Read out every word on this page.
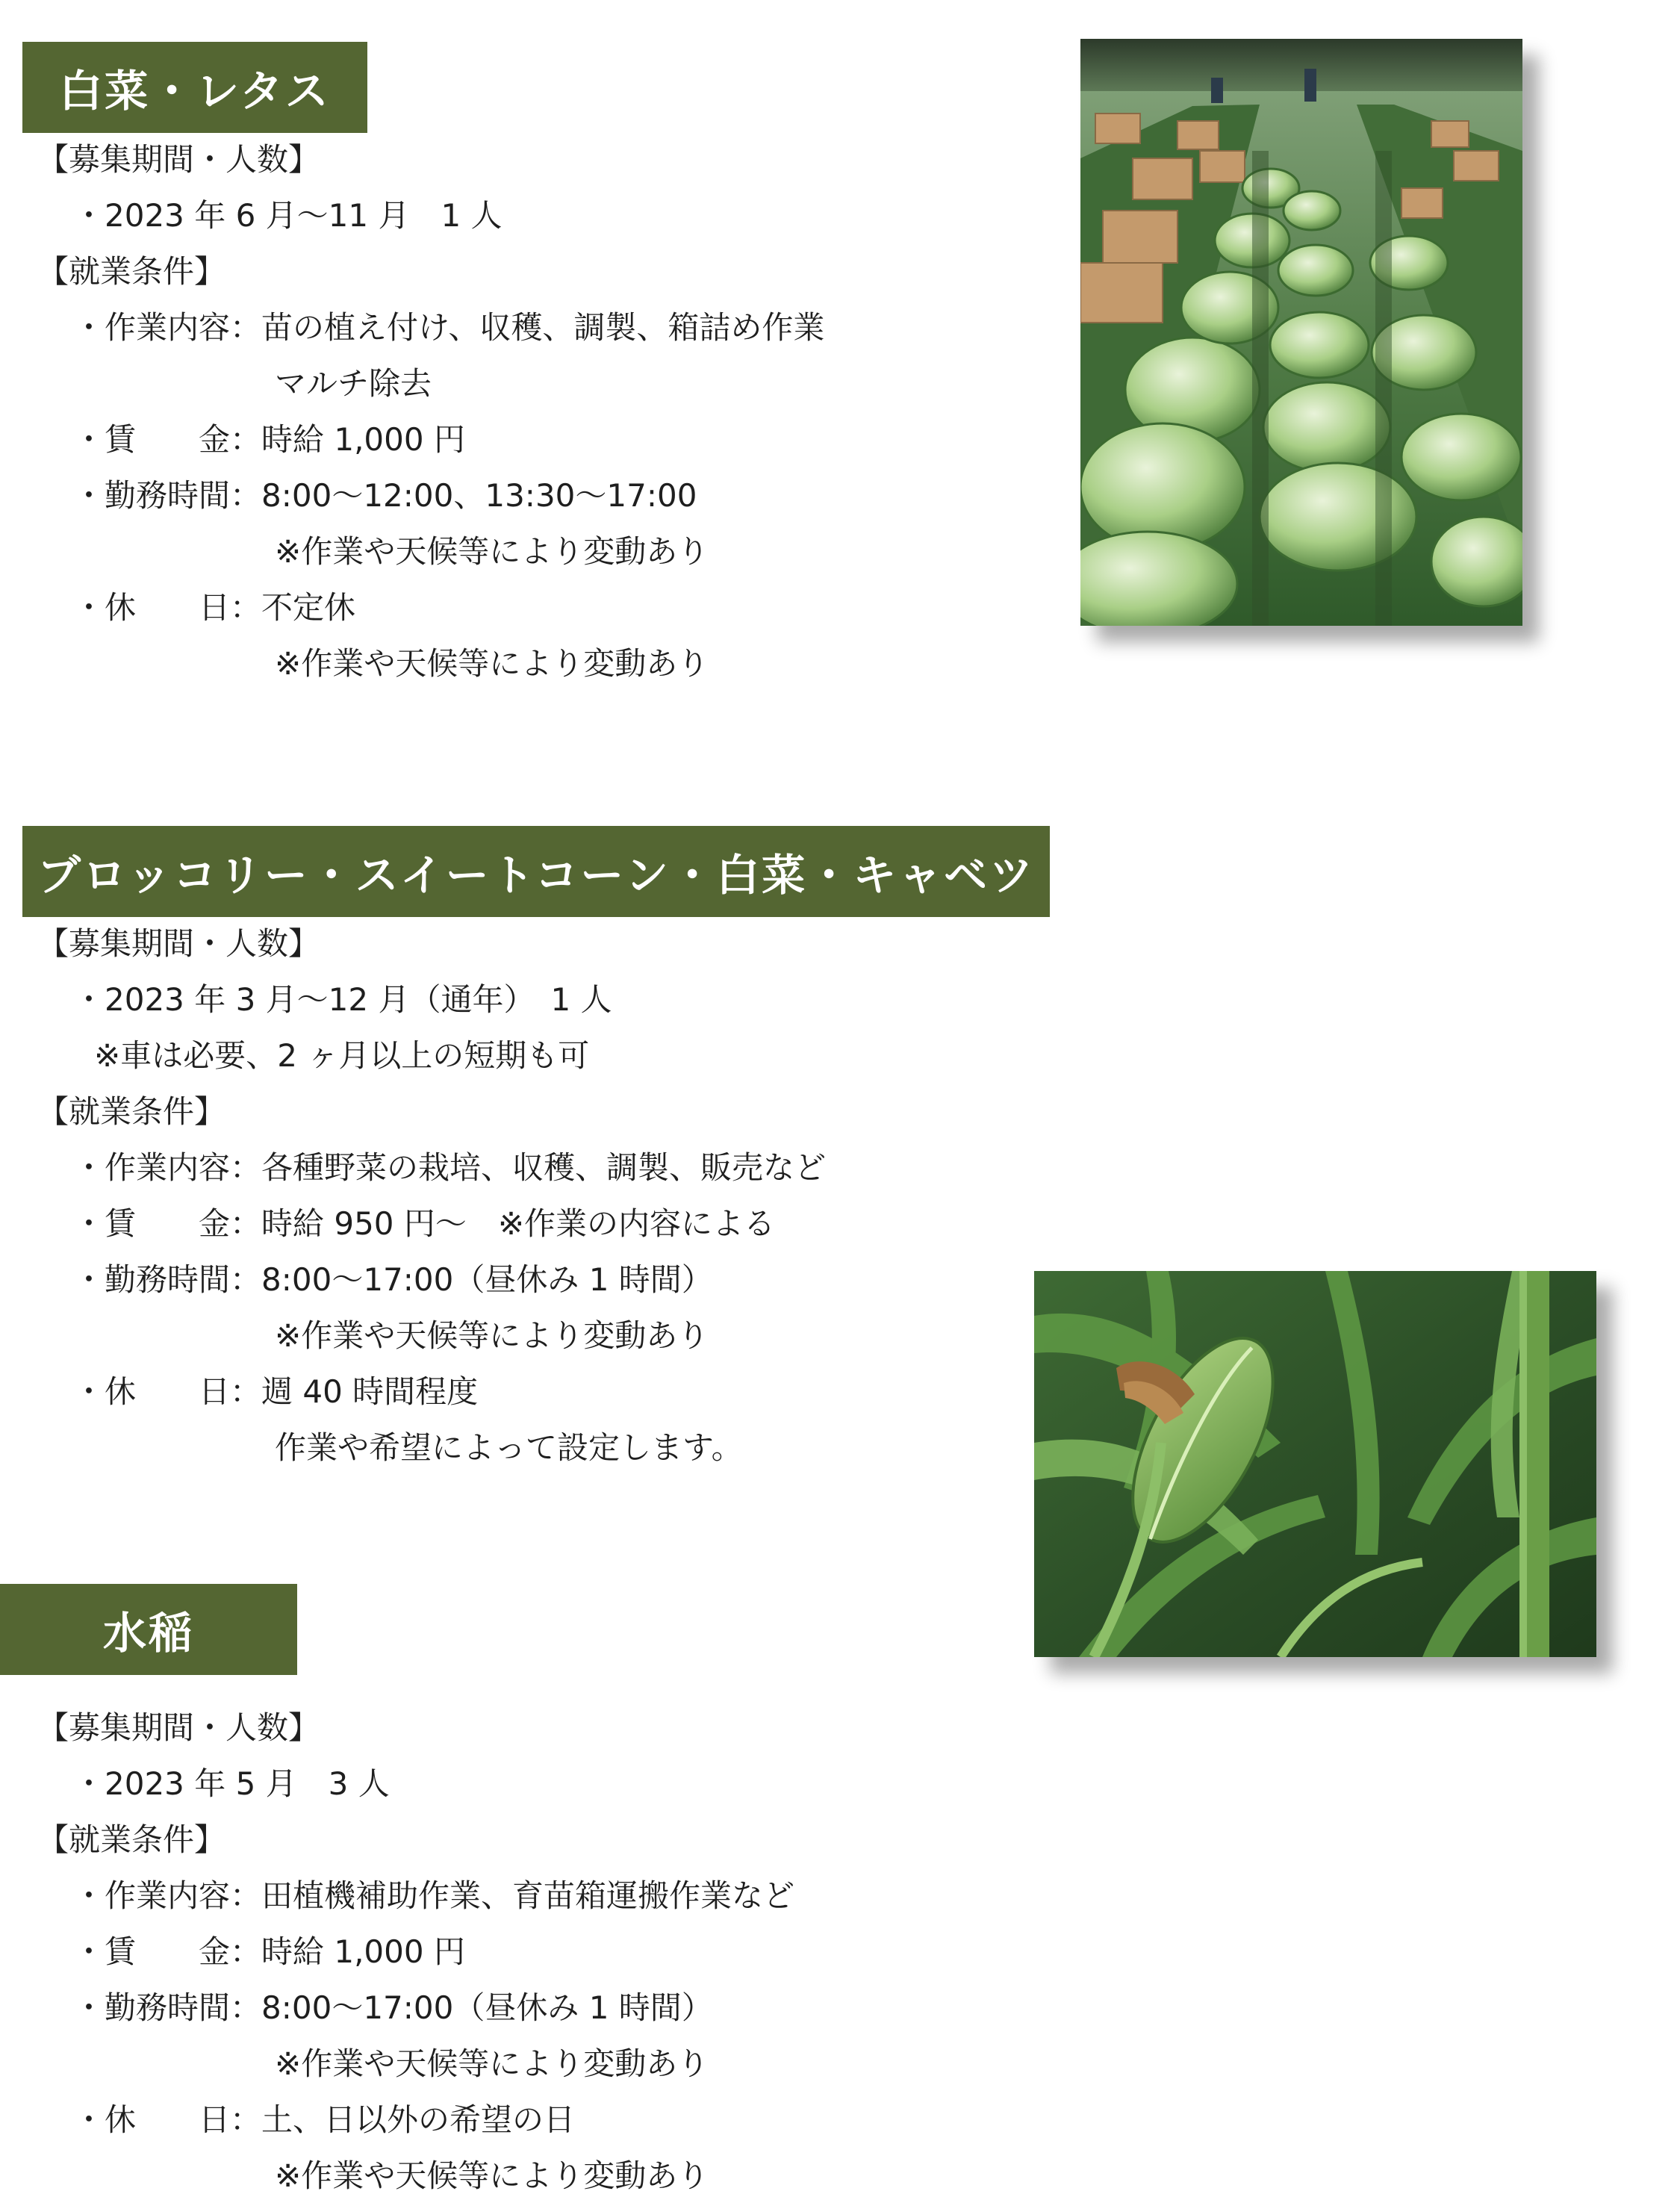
白菜・レタス
【募集期間・人数】
・2023 年 6 月～11 月　1 人
【就業条件】
・作業内容：苗の植え付け、収穫、調製、箱詰め作業
マルチ除去
・賃　　金：時給 1,000 円
・勤務時間：8:00～12:00、13:30～17:00
※作業や天候等により変動あり
・休　　日：不定休
※作業や天候等により変動あり
ブロッコリー・スイートコーン・白菜・キャベツ
【募集期間・人数】
・2023 年 3 月～12 月（通年）　1 人
※車は必要、2 ヶ月以上の短期も可
【就業条件】
・作業内容：各種野菜の栽培、収穫、調製、販売など
・賃　　金：時給 950 円～　※作業の内容による
・勤務時間：8:00～17:00（昼休み 1 時間）
※作業や天候等により変動あり
・休　　日：週 40 時間程度
作業や希望によって設定します。
水稲
【募集期間・人数】
・2023 年 5 月　3 人
【就業条件】
・作業内容：田植機補助作業、育苗箱運搬作業など
・賃　　金：時給 1,000 円
・勤務時間：8:00～17:00（昼休み 1 時間）
※作業や天候等により変動あり
・休　　日：土、日以外の希望の日
※作業や天候等により変動あり
